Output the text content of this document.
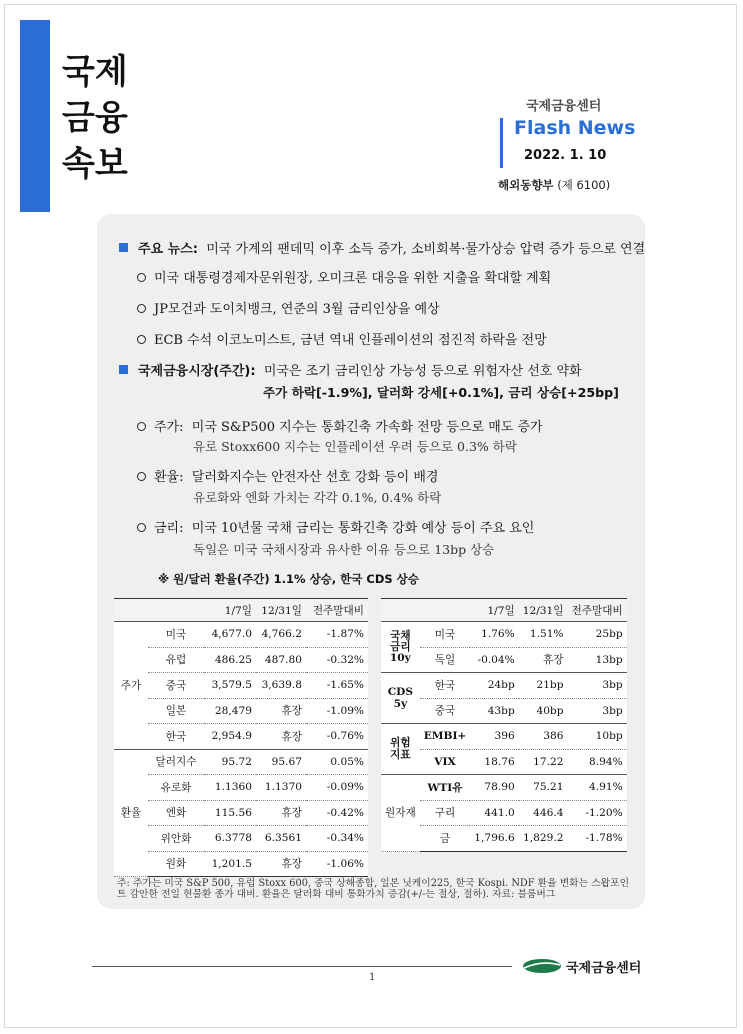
국제
금융
속보
국제금융센터
Flash News
2022. 1. 10
해외동향부 (제 6100)
주요 뉴스: 미국 가계의 팬데믹 이후 소득 증가, 소비회복·물가상승 압력 증가 등으로 연결
미국 대통령경제자문위원장, 오미크론 대응을 위한 지출을 확대할 계획
JP모건과 도이치뱅크, 연준의 3월 금리인상을 예상
ECB 수석 이코노미스트, 금년 역내 인플레이션의 점진적 하락을 전망
국제금융시장(주간): 미국은 조기 금리인상 가능성 등으로 위험자산 선호 약화
주가 하락[-1.9%], 달러화 강세[+0.1%], 금리 상승[+25bp]
주가: 미국 S&P500 지수는 통화긴축 가속화 전망 등으로 매도 증가
유로 Stoxx600 지수는 인플레이션 우려 등으로 0.3% 하락
환율: 달러화지수는 안전자산 선호 강화 등이 배경
유로화와 엔화 가치는 각각 0.1%, 0.4% 하락
금리: 미국 10년물 국채 금리는 통화긴축 강화 예상 등이 주요 요인
독일은 미국 국채시장과 유사한 이유 등으로 13bp 상승
※ 원/달러 환율(주간) 1.1% 상승, 한국 CDS 상승
		1/7일	12/31일	전주말대비
주가	미국	4,677.0	4,766.2	-1.87%
	유럽	486.25	487.80	-0.32%
	중국	3,579.5	3,639.8	-1.65%
	일본	28,479	휴장	-1.09%
	한국	2,954.9	휴장	-0.76%
환율	달러지수	95.72	95.67	0.05%
	유로화	1.1360	1.1370	-0.09%
	엔화	115.56	휴장	-0.42%
	위안화	6.3778	6.3561	-0.34%
	원화	1,201.5	휴장	-1.06%
		1/7일	12/31일	전주말대비
국채
금리
10y	미국	1.76%	1.51%	25bp
	독일	-0.04%	휴장	13bp
CDS
5y	한국	24bp	21bp	3bp
	중국	43bp	40bp	3bp
위험
지표	EMBI+	396	386	10bp
	VIX	18.76	17.22	8.94%
원자재	WTI유	78.90	75.21	4.91%
	구리	441.0	446.4	-1.20%
	금	1,796.6	1,829.2	-1.78%
주: 주가는 미국 S&P 500, 유럽 Stoxx 600, 중국 상해종합, 일본 닛케이225, 한국 Kospi. NDF 환율 변화는 스왑포인트 감안한 전일 현물환 종가 대비. 환율은 달러화 대비 통화가치 증감(+/-는 절상, 절하). 자료: 블룸버그
국제금융센터
1
